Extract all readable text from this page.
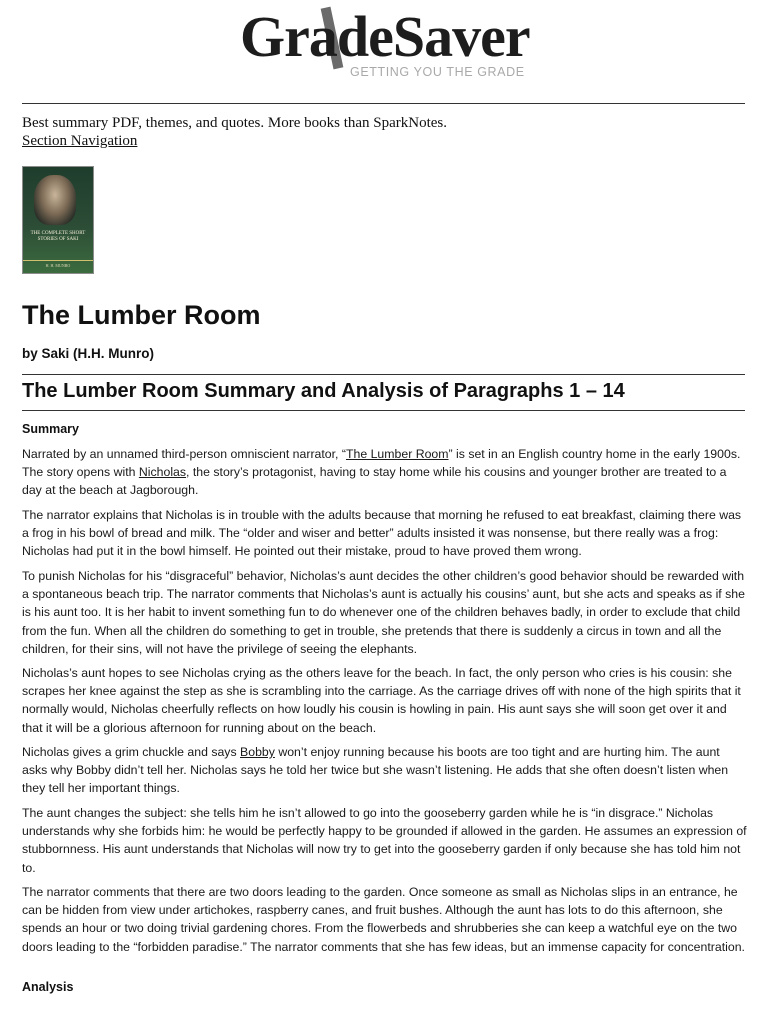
GradeSaver
GETTING YOU THE GRADE
Best summary PDF, themes, and quotes. More books than SparkNotes.
Section Navigation
THE COMPLETE SHORT STORIES OF SAKI
H. H. MUNRO
The Lumber Room
by Saki (H.H. Munro)
The Lumber Room Summary and Analysis of Paragraphs 1 – 14
Summary

Narrated by an unnamed third-person omniscient narrator, “The Lumber Room” is set in an English country home in the early 1900s. The story opens with Nicholas, the story’s protagonist, having to stay home while his cousins and younger brother are treated to a day at the beach at Jagborough.

The narrator explains that Nicholas is in trouble with the adults because that morning he refused to eat breakfast, claiming there was a frog in his bowl of bread and milk. The “older and wiser and better” adults insisted it was nonsense, but there really was a frog: Nicholas had put it in the bowl himself. He pointed out their mistake, proud to have proved them wrong.

To punish Nicholas for his “disgraceful” behavior, Nicholas’s aunt decides the other children’s good behavior should be rewarded with a spontaneous beach trip. The narrator comments that Nicholas’s aunt is actually his cousins’ aunt, but she acts and speaks as if she is his aunt too. It is her habit to invent something fun to do whenever one of the children behaves badly, in order to exclude that child from the fun. When all the children do something to get in trouble, she pretends that there is suddenly a circus in town and all the children, for their sins, will not have the privilege of seeing the elephants.

Nicholas’s aunt hopes to see Nicholas crying as the others leave for the beach. In fact, the only person who cries is his cousin: she scrapes her knee against the step as she is scrambling into the carriage. As the carriage drives off with none of the high spirits that it normally would, Nicholas cheerfully reflects on how loudly his cousin is howling in pain. His aunt says she will soon get over it and that it will be a glorious afternoon for running about on the beach.

Nicholas gives a grim chuckle and says Bobby won’t enjoy running because his boots are too tight and are hurting him. The aunt asks why Bobby didn’t tell her. Nicholas says he told her twice but she wasn’t listening. He adds that she often doesn’t listen when they tell her important things.

The aunt changes the subject: she tells him he isn’t allowed to go into the gooseberry garden while he is “in disgrace.” Nicholas understands why she forbids him: he would be perfectly happy to be grounded if allowed in the garden. He assumes an expression of stubbornness. His aunt understands that Nicholas will now try to get into the gooseberry garden if only because she has told him not to.

The narrator comments that there are two doors leading to the garden. Once someone as small as Nicholas slips in an entrance, he can be hidden from view under artichokes, raspberry canes, and fruit bushes. Although the aunt has lots to do this afternoon, she spends an hour or two doing trivial gardening chores. From the flowerbeds and shrubberies she can keep a watchful eye on the two doors leading to the “forbidden paradise.” The narrator comments that she has few ideas, but an immense capacity for concentration.

Analysis
